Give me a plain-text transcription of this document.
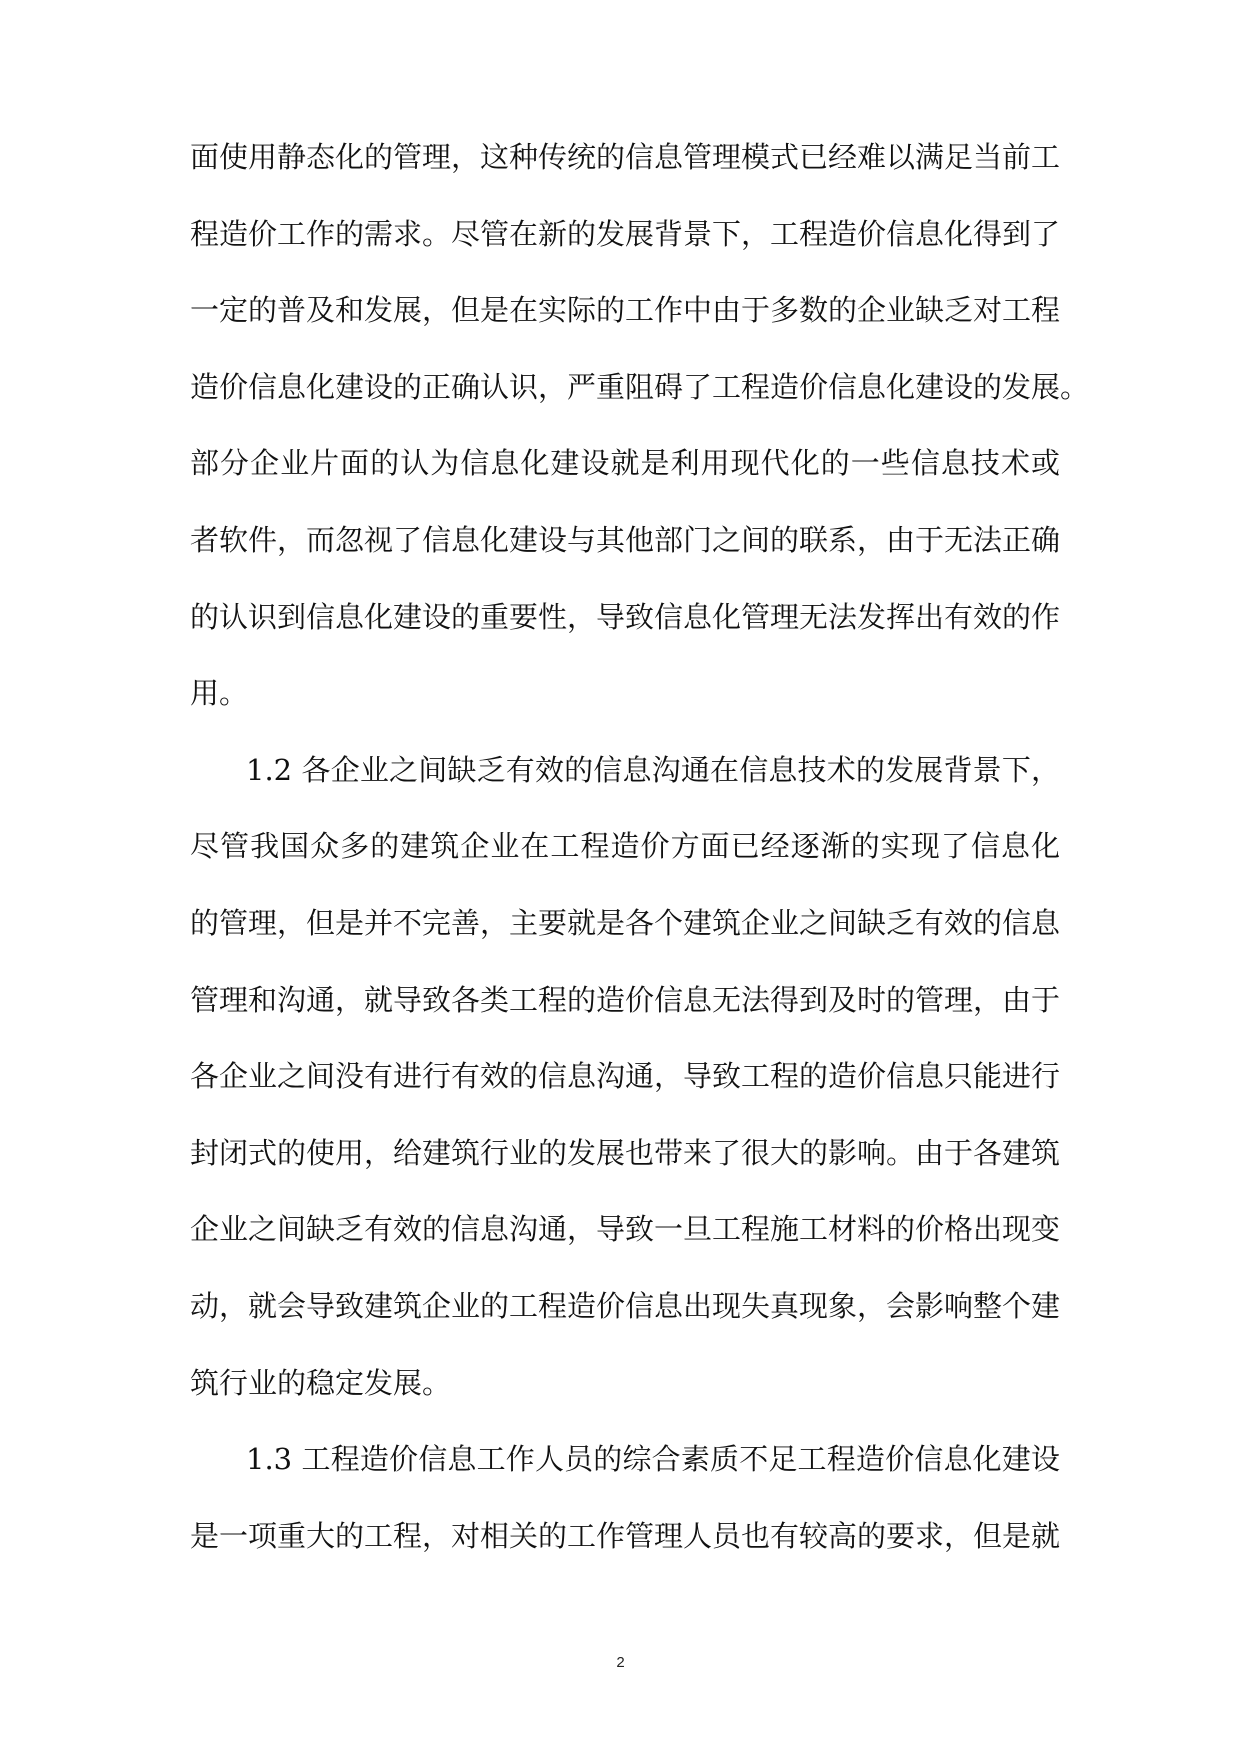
面使用静态化的管理，这种传统的信息管理模式已经难以满足当前工
程造价工作的需求。尽管在新的发展背景下，工程造价信息化得到了
一定的普及和发展，但是在实际的工作中由于多数的企业缺乏对工程
造价信息化建设的正确认识，严重阻碍了工程造价信息化建设的发展。
部分企业片面的认为信息化建设就是利用现代化的一些信息技术或
者软件，而忽视了信息化建设与其他部门之间的联系，由于无法正确
的认识到信息化建设的重要性，导致信息化管理无法发挥出有效的作
用。
1.2 各企业之间缺乏有效的信息沟通在信息技术的发展背景下，
尽管我国众多的建筑企业在工程造价方面已经逐渐的实现了信息化
的管理，但是并不完善，主要就是各个建筑企业之间缺乏有效的信息
管理和沟通，就导致各类工程的造价信息无法得到及时的管理，由于
各企业之间没有进行有效的信息沟通，导致工程的造价信息只能进行
封闭式的使用，给建筑行业的发展也带来了很大的影响。由于各建筑
企业之间缺乏有效的信息沟通，导致一旦工程施工材料的价格出现变
动，就会导致建筑企业的工程造价信息出现失真现象，会影响整个建
筑行业的稳定发展。
1.3 工程造价信息工作人员的综合素质不足工程造价信息化建设
是一项重大的工程，对相关的工作管理人员也有较高的要求，但是就
2
